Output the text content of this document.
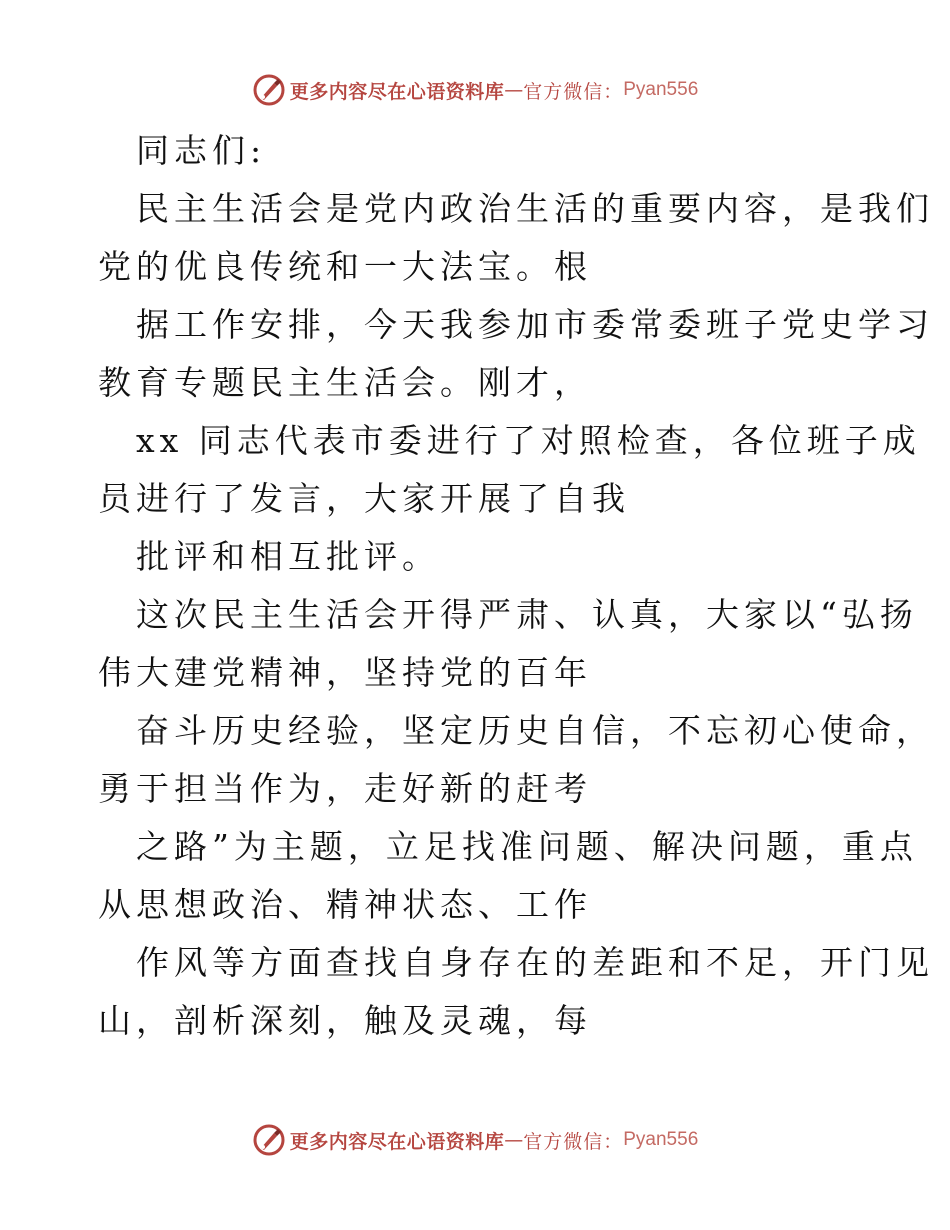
更多内容尽在心语资料库 — 官方微信： Pyan556
同志们:
民主生活会是党内政治生活的重要内容，是我们
党的优良传统和一大法宝。根
据工作安排，今天我参加市委常委班子党史学习
教育专题民主生活会。刚才，
xx 同志代表市委进行了对照检查，各位班子成
员进行了发言，大家开展了自我
批评和相互批评。
这次民主生活会开得严肃、认真，大家以“弘扬
伟大建党精神，坚持党的百年
奋斗历史经验，坚定历史自信，不忘初心使命，
勇于担当作为，走好新的赶考
之路”为主题，立足找准问题、解决问题，重点
从思想政治、精神状态、工作
作风等方面查找自身存在的差距和不足，开门见
山，剖析深刻，触及灵魂，每
更多内容尽在心语资料库 — 官方微信： Pyan556
